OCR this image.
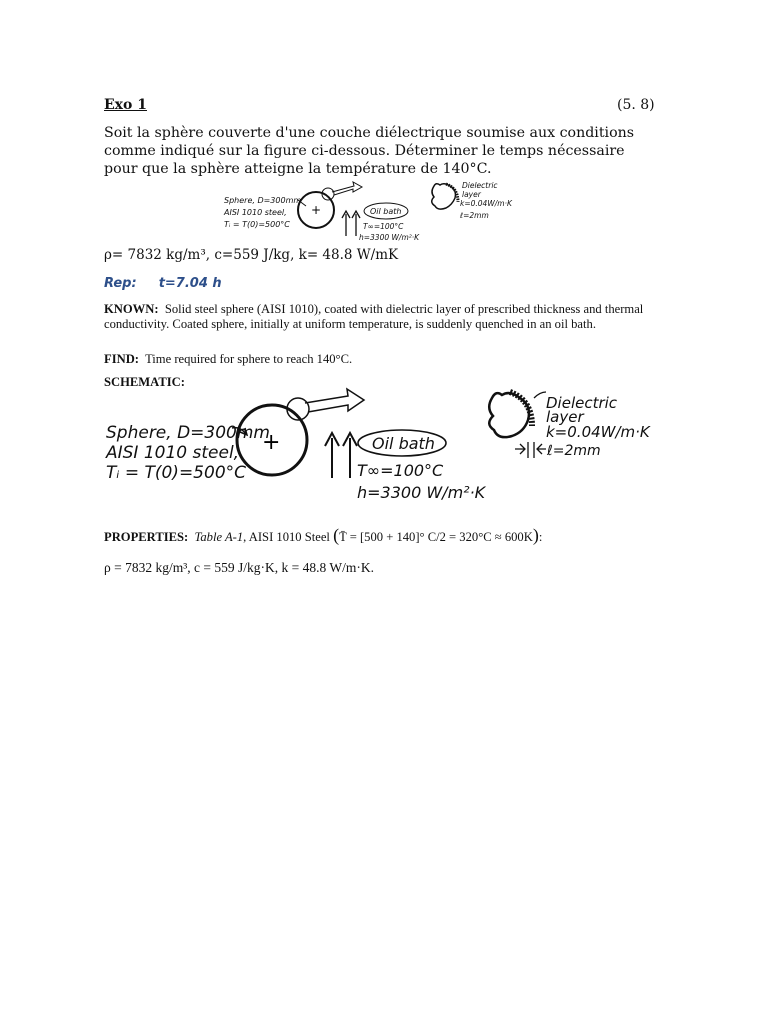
Exo 1	(5. 8)
Soit la sphère couverte d'une couche diélectrique soumise aux conditions comme indiqué sur la figure ci-dessous. Déterminer le temps nécessaire pour que la sphère atteigne la température de 140°C.
Sphere, D=300mm
AISI 1010 steel,
Tᵢ = T(0)=500°C
+	Oil bath
T∞=100°C
h=3300 W/m²·K
Dielectric
layer
k=0.04W/m·K
ℓ=2mm
ρ= 7832 kg/m³, c=559 J/kg, k= 48.8 W/mK
Rep: t=7.04 h
KNOWN: Solid steel sphere (AISI 1010), coated with dielectric layer of prescribed thickness and thermal conductivity. Coated sphere, initially at uniform temperature, is suddenly quenched in an oil bath.
FIND: Time required for sphere to reach 140°C.
SCHEMATIC:
Sphere, D=300mm
AISI 1010 steel,
Tᵢ = T(0)=500°C
+	Oil bath
T∞=100°C
h=3300 W/m²·K
Dielectric
layer
k=0.04W/m·K
ℓ=2mm
PROPERTIES: Table A-1, AISI 1010 Steel (T̄ = [500 + 140]° C/2 = 320°C ≈ 600K):
ρ = 7832 kg/m³, c = 559 J/kg·K, k = 48.8 W/m·K.
